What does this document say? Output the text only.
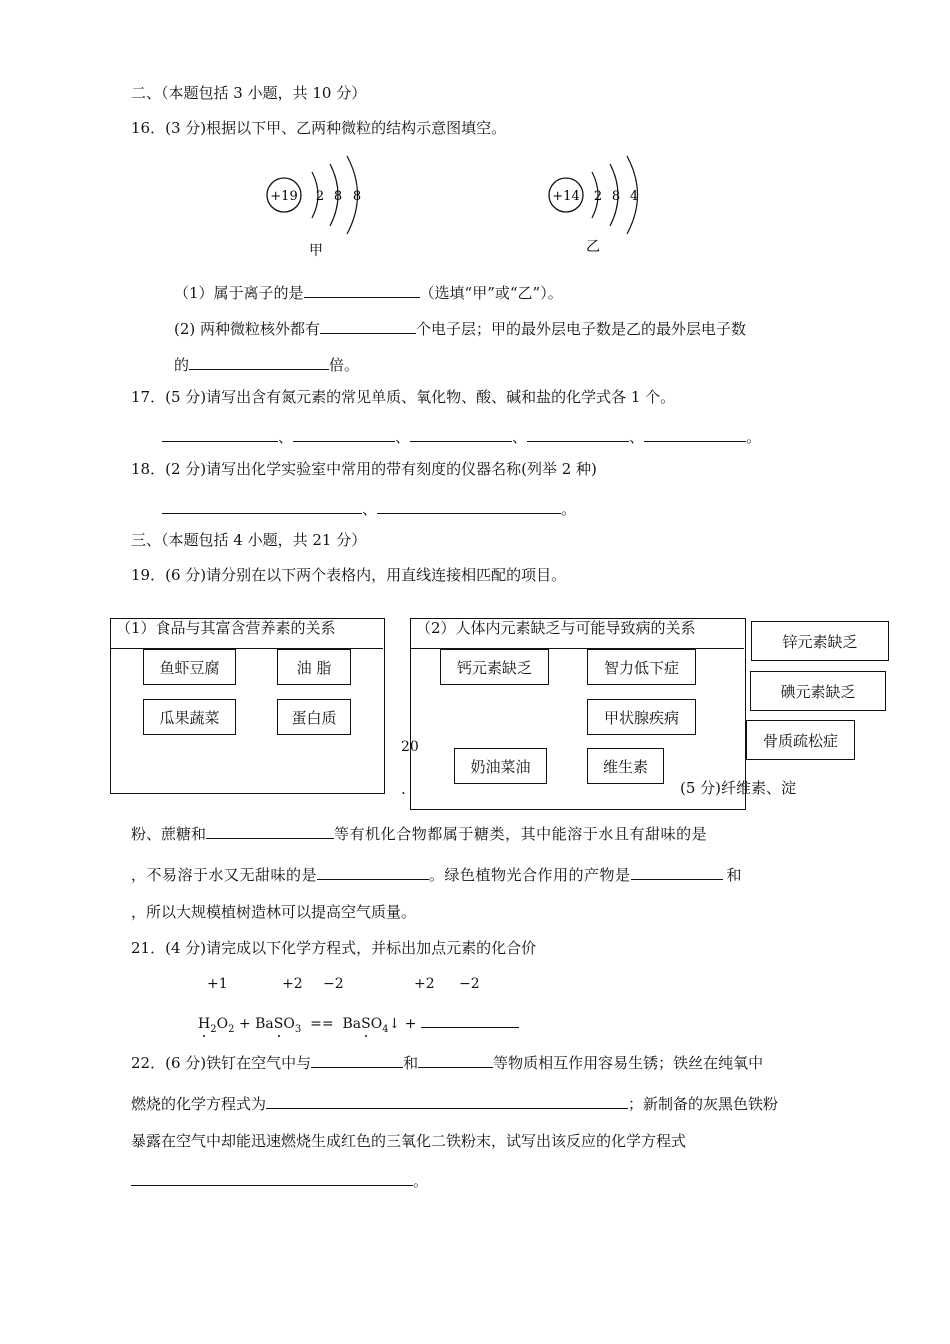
二、（本题包括 3 小题，共 10 分）
16．(3 分)根据以下甲、乙两种微粒的结构示意图填空。
+19 2 8 8
甲
+14 2 8 4
乙
（1）属于离子的是	（选填“甲”或“乙”）。
(2) 两种微粒核外都有	个电子层；甲的最外层电子数是乙的最外层电子数
的	倍。
17．(5 分)请写出含有氮元素的常见单质、氧化物、酸、碱和盐的化学式各 1 个。
、	、	、	、	。
18．(2 分)请写出化学实验室中常用的带有刻度的仪器名称(列举 2 种)
、	。
三、（本题包括 4 小题，共 21 分）
19．(6 分)请分别在以下两个表格内，用直线连接相匹配的项目。
（1）食品与其富含营养素的关系
鱼虾豆腐	油 脂
瓜果蔬菜	蛋白质
（2）人体内元素缺乏与可能导致病的关系
钙元素缺乏	智力低下症
甲状腺疾病
奶油菜油	维生素
锌元素缺乏
碘元素缺乏
骨质疏松症
20
.	(5 分)纤维素、淀
粉、蔗糖和	等有机化合物都属于糖类，其中能溶于水且有甜味的是
，不易溶于水又无甜味的是	。绿色植物光合作用的产物是	和
，所以大规模植树造林可以提高空气质量。
21．(4 分)请完成以下化学方程式，并标出加点元素的化合价
+1	+2 −2	+2 −2
$H_2O_2$ + BaSO$_3$  ==  BaSO$_4$↓ +
22．(6 分)铁钉在空气中与	和	等物质相互作用容易生锈；铁丝在纯氧中
燃烧的化学方程式为	；新制备的灰黑色铁粉
暴露在空气中却能迅速燃烧生成红色的三氧化二铁粉末，试写出该反应的化学方程式
。
